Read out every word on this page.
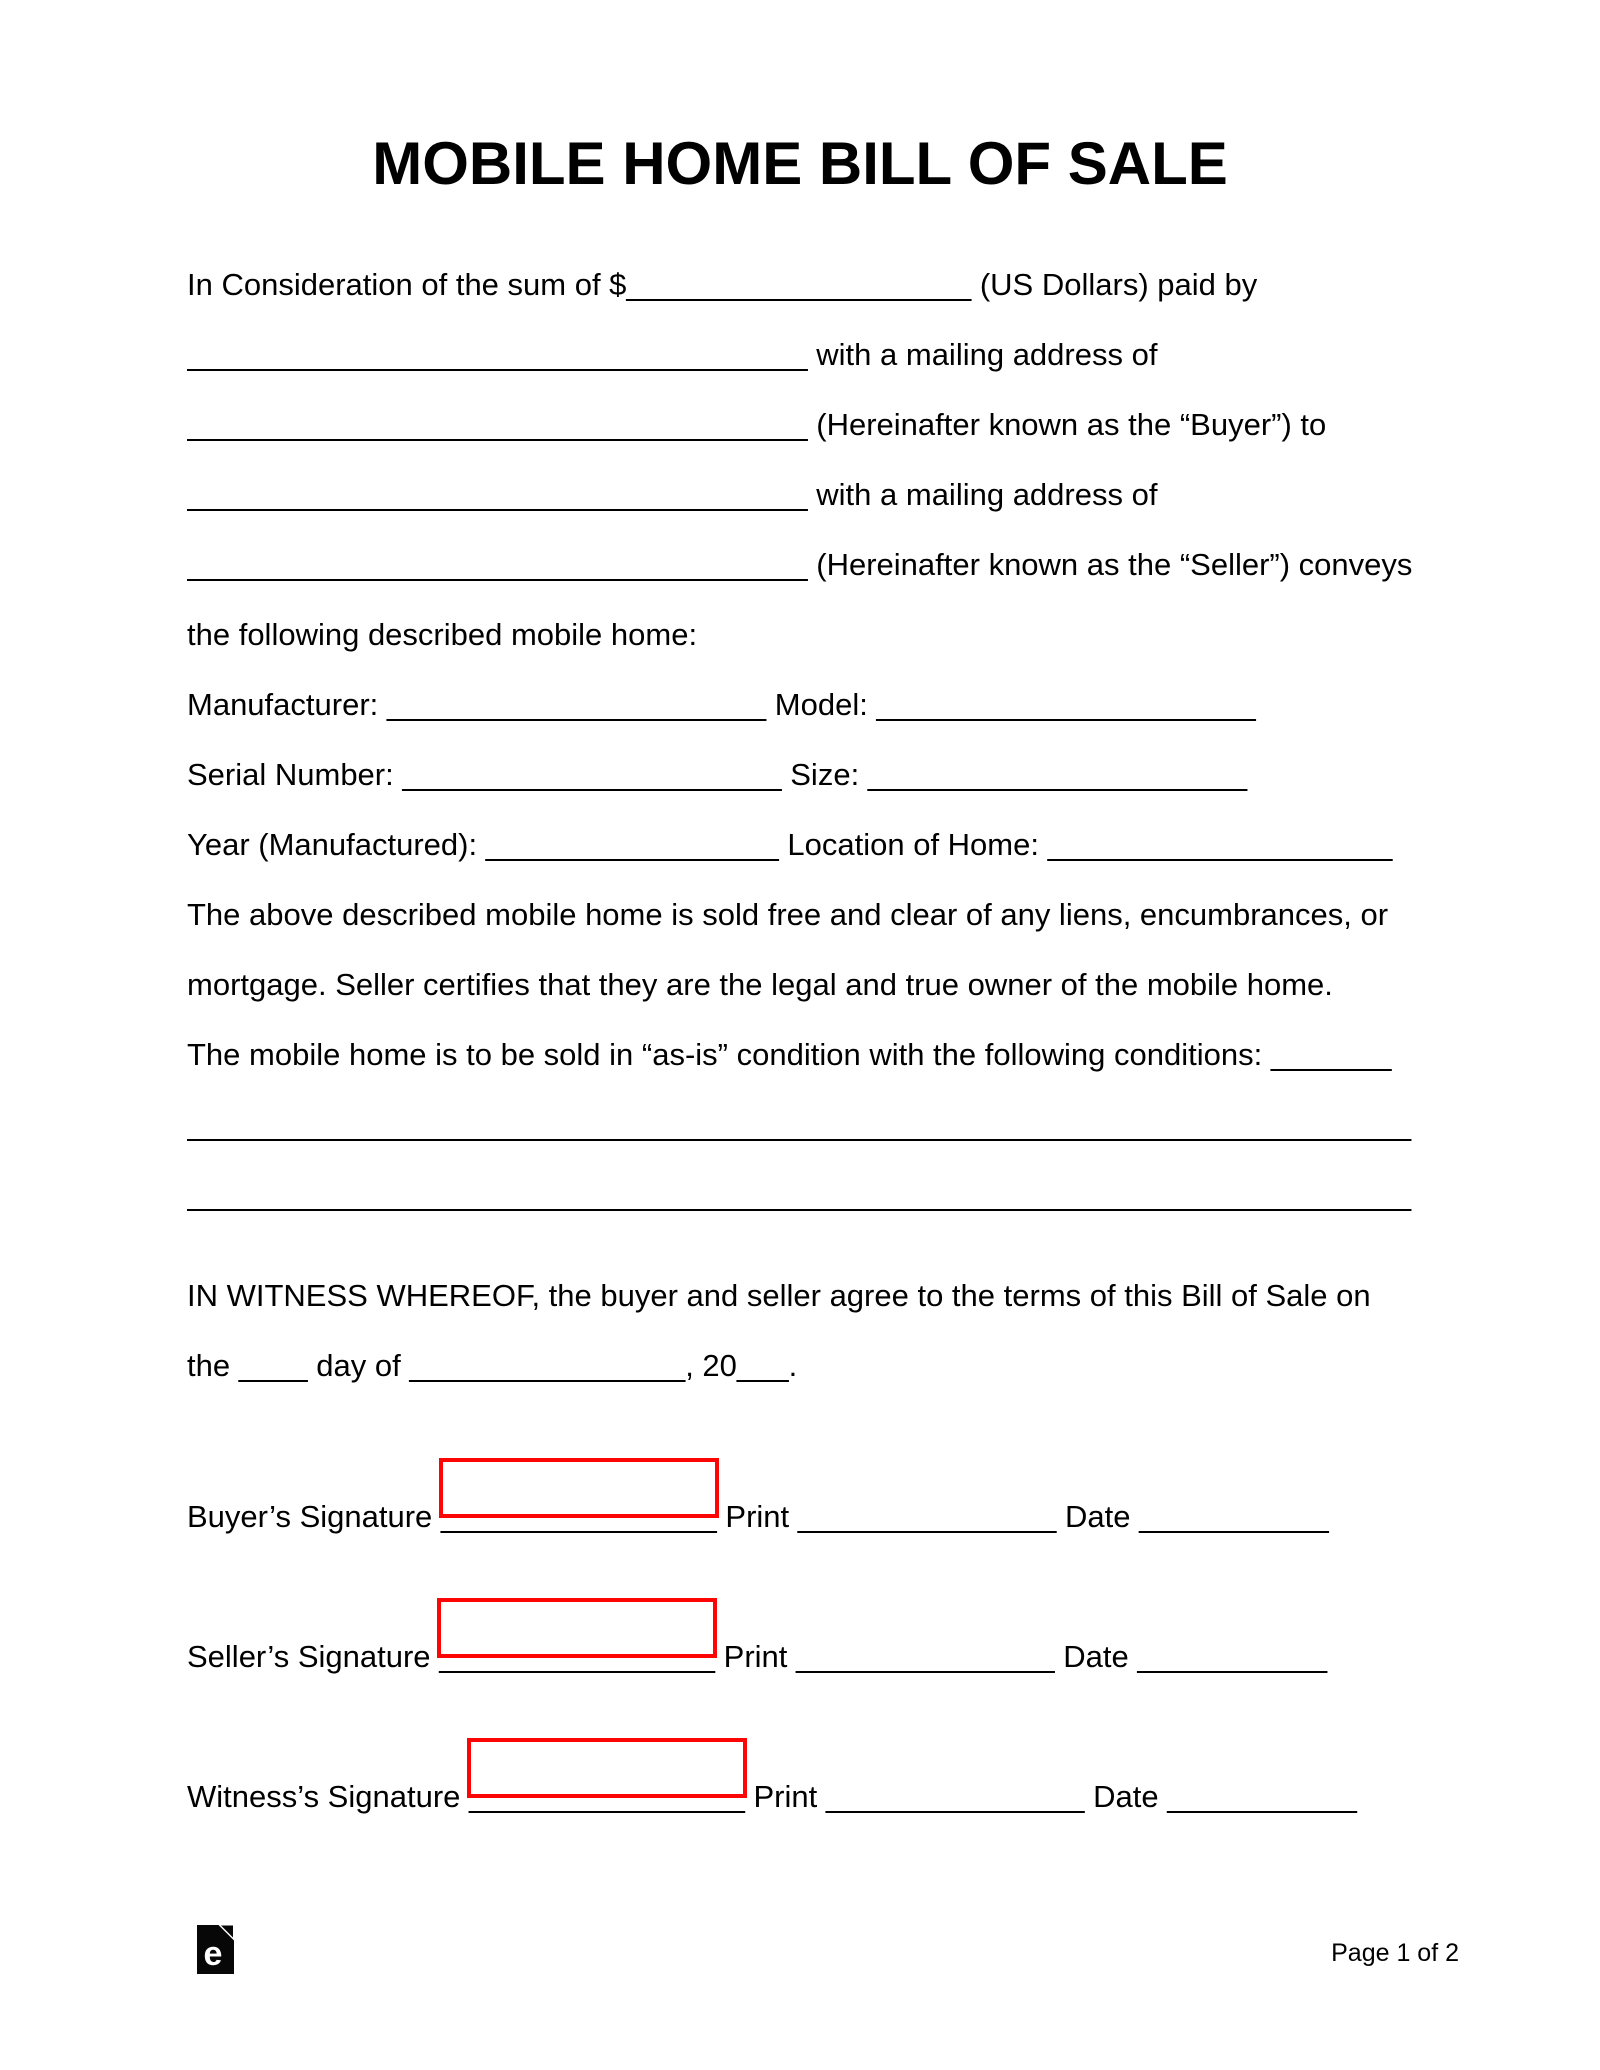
MOBILE HOME BILL OF SALE
In Consideration of the sum of $____________________ (US Dollars) paid by
____________________________________ with a mailing address of
____________________________________ (Hereinafter known as the “Buyer”) to
____________________________________ with a mailing address of
____________________________________ (Hereinafter known as the “Seller”) conveys
the following described mobile home:
Manufacturer: ______________________ Model: ______________________
Serial Number: ______________________ Size: ______________________
Year (Manufactured): _________________ Location of Home: ____________________
The above described mobile home is sold free and clear of any liens, encumbrances, or
mortgage. Seller certifies that they are the legal and true owner of the mobile home.
The mobile home is to be sold in “as-is” condition with the following conditions: _______
_______________________________________________________________________
_______________________________________________________________________
IN WITNESS WHEREOF, the buyer and seller agree to the terms of this Bill of Sale on
the ____ day of ________________, 20___.
Buyer’s Signature ________________ Print _______________ Date ___________
Seller’s Signature ________________ Print _______________ Date ___________
Witness’s Signature ________________ Print _______________ Date ___________
e	Page 1 of 2
